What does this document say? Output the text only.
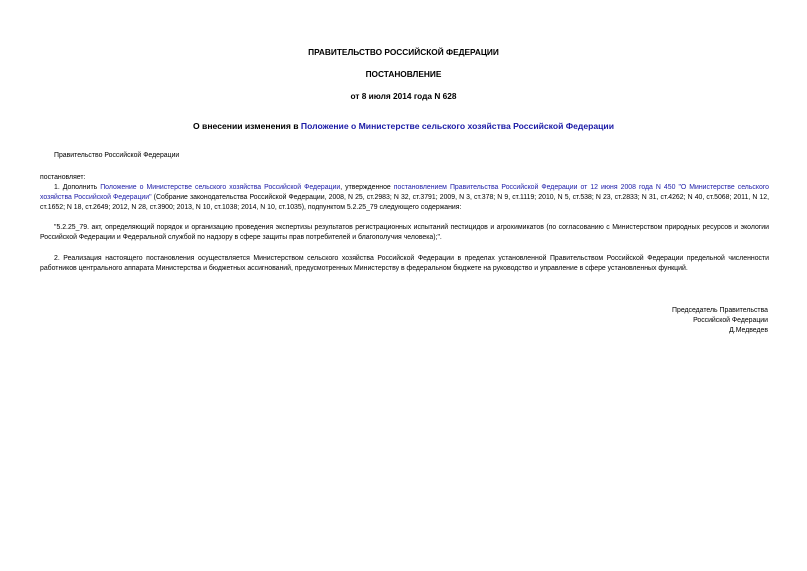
ПРАВИТЕЛЬСТВО РОССИЙСКОЙ ФЕДЕРАЦИИ
ПОСТАНОВЛЕНИЕ
от 8 июля 2014 года N 628
О внесении изменения в Положение о Министерстве сельского хозяйства Российской Федерации
Правительство Российской Федерации
постановляет:
1. Дополнить Положение о Министерстве сельского хозяйства Российской Федерации, утвержденное постановлением Правительства Российской Федерации от 12 июня 2008 года N 450 "О Министерстве сельского хозяйства Российской Федерации" (Собрание законодательства Российской Федерации, 2008, N 25, ст.2983; N 32, ст.3791; 2009, N 3, ст.378; N 9, ст.1119; 2010, N 5, ст.538; N 23, ст.2833; N 31, ст.4262; N 40, ст.5068; 2011, N 12, ст.1652; N 18, ст.2649; 2012, N 28, ст.3900; 2013, N 10, ст.1038; 2014, N 10, ст.1035), подпунктом 5.2.25_79 следующего содержания:
"5.2.25_79. акт, определяющий порядок и организацию проведения экспертизы результатов регистрационных испытаний пестицидов и агрохимикатов (по согласованию с Министерством природных ресурсов и экологии Российской Федерации и Федеральной службой по надзору в сфере защиты прав потребителей и благополучия человека);".
2. Реализация настоящего постановления осуществляется Министерством сельского хозяйства Российской Федерации в пределах установленной Правительством Российской Федерации предельной численности работников центрального аппарата Министерства и бюджетных ассигнований, предусмотренных Министерству в федеральном бюджете на руководство и управление в сфере установленных функций.
Председатель Правительства
Российской Федерации
Д.Медведев
